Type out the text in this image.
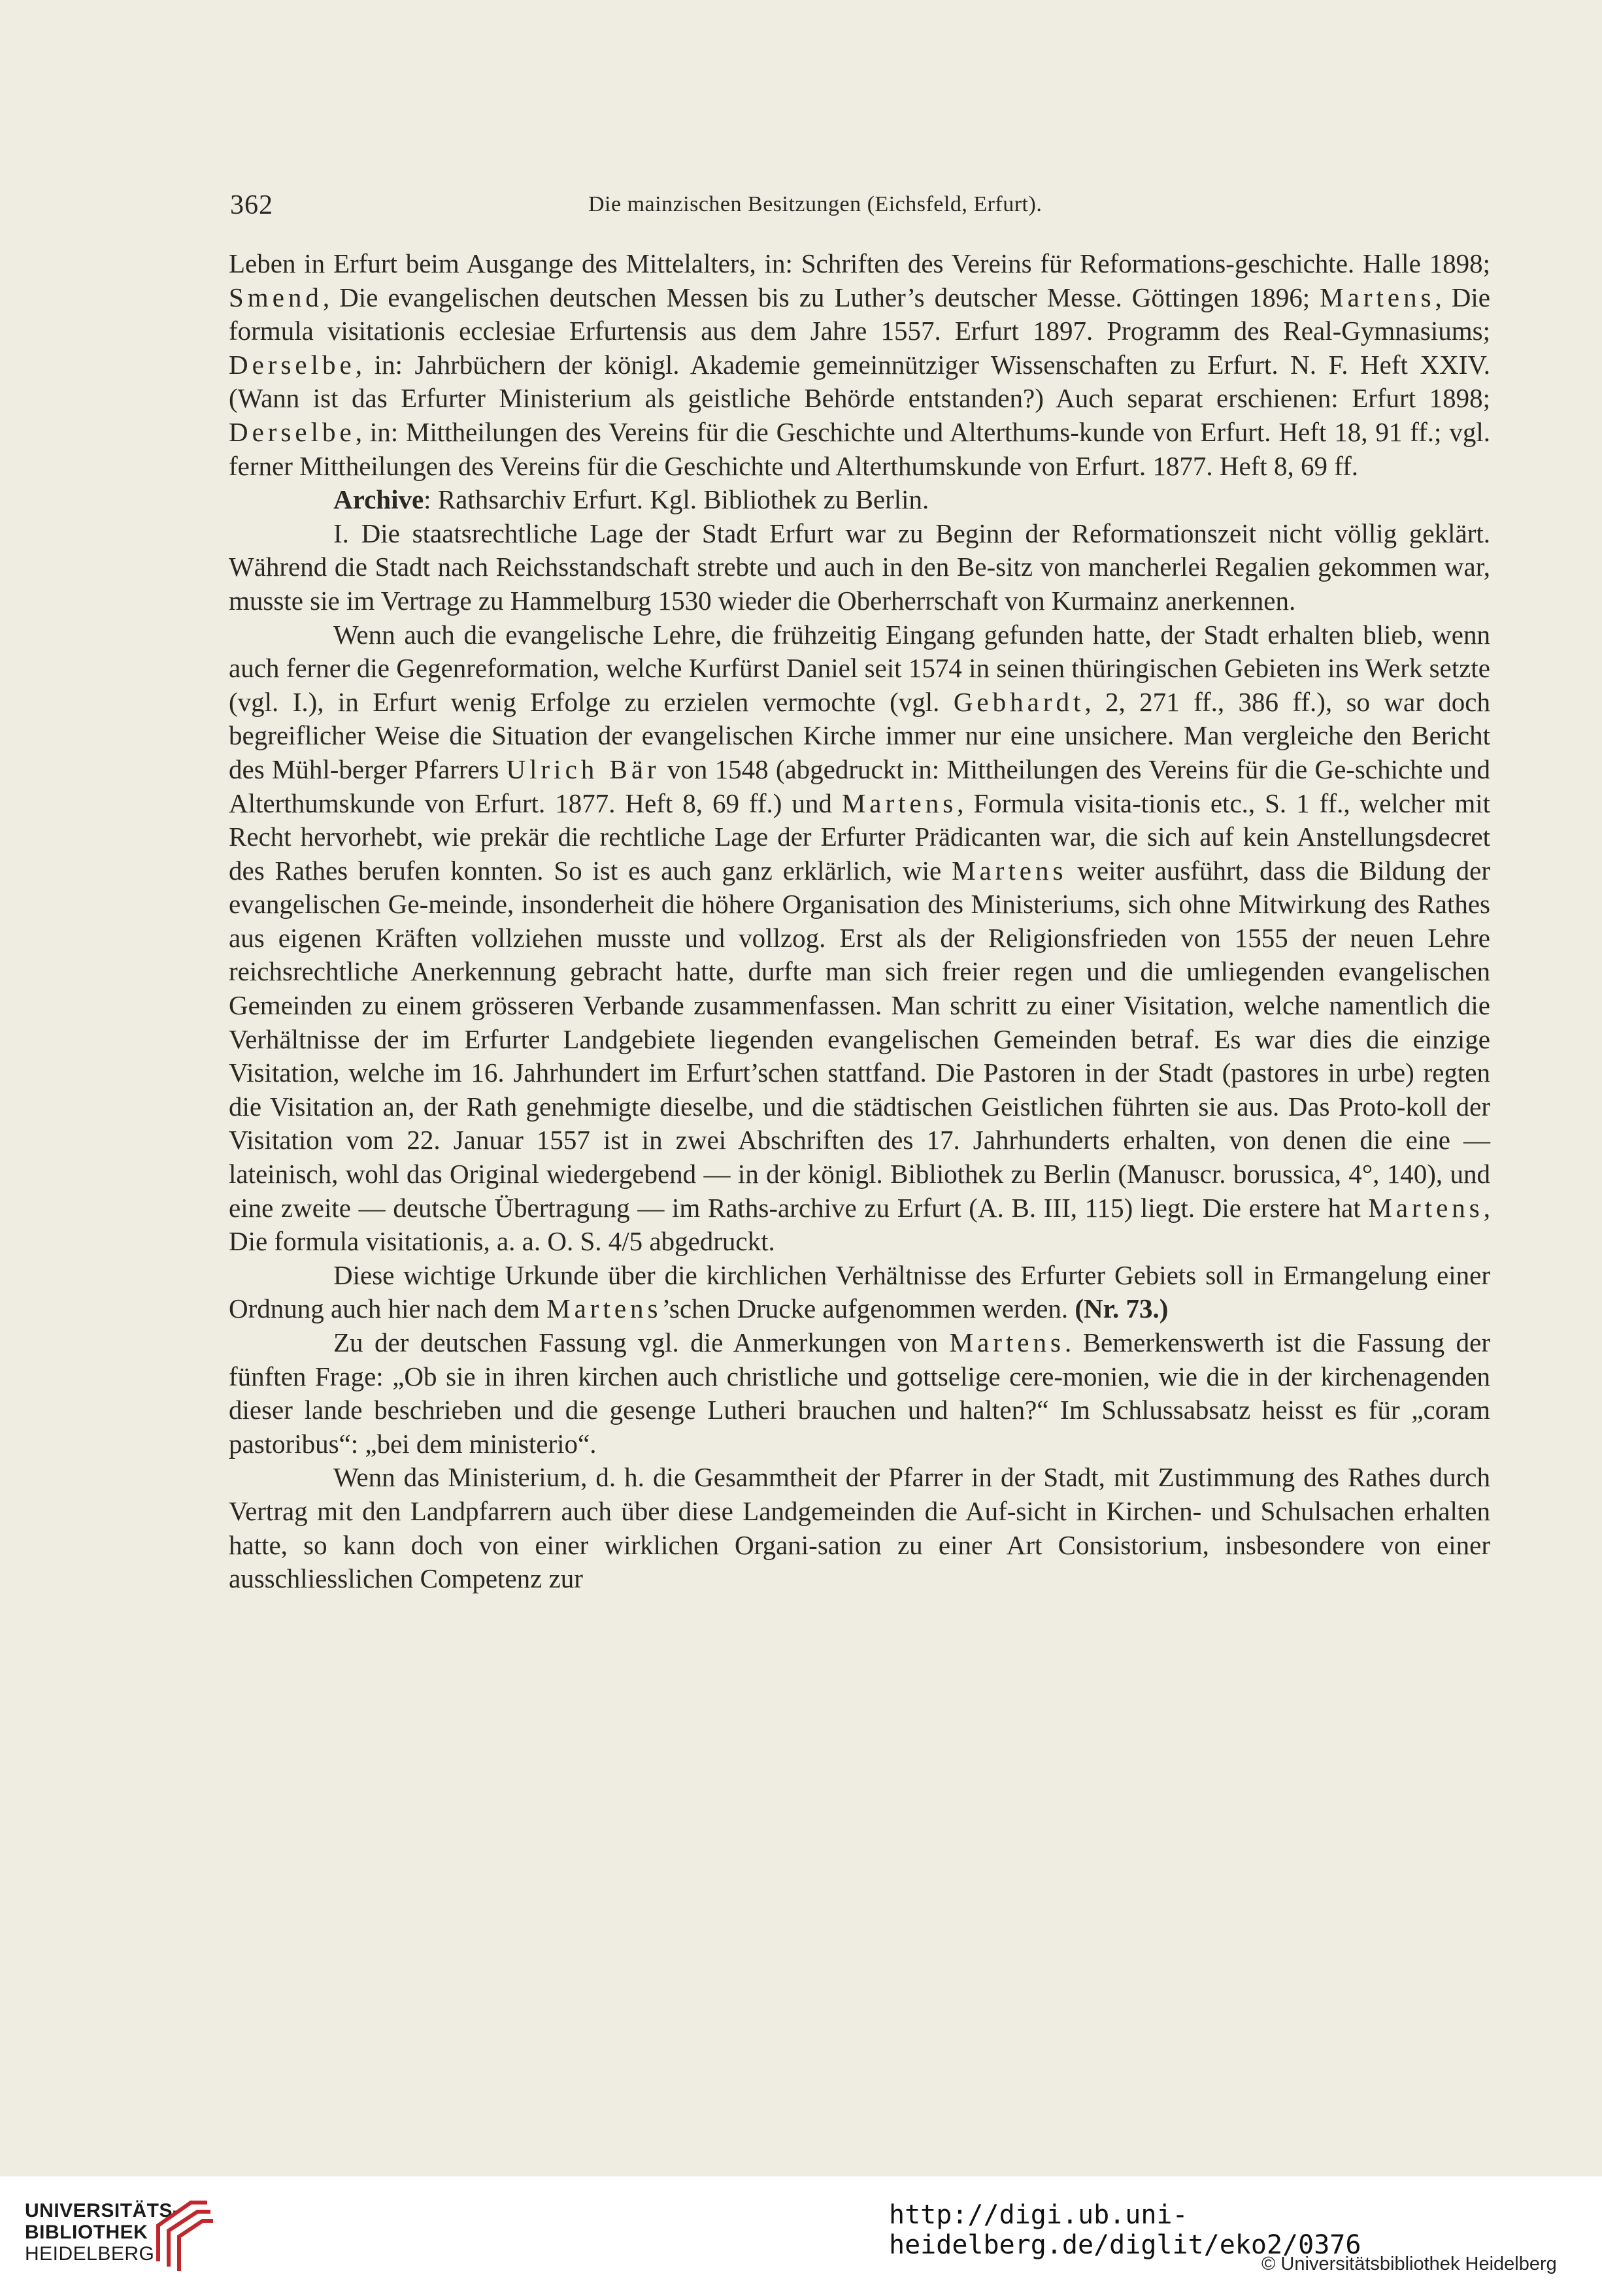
362	Die mainzischen Besitzungen (Eichsfeld, Erfurt).

Leben in Erfurt beim Ausgange des Mittelalters, in: Schriften des Vereins für Reformations-geschichte. Halle 1898; Smend, Die evangelischen deutschen Messen bis zu Luther’s deutscher Messe. Göttingen 1896; Martens, Die formula visitationis ecclesiae Erfurtensis aus dem Jahre 1557. Erfurt 1897. Programm des Real-Gymnasiums; Derselbe, in: Jahrbüchern der königl. Akademie gemeinnütziger Wissenschaften zu Erfurt. N. F. Heft XXIV. (Wann ist das Erfurter Ministerium als geistliche Behörde entstanden?) Auch separat erschienen: Erfurt 1898; Derselbe, in: Mittheilungen des Vereins für die Geschichte und Alterthums-kunde von Erfurt. Heft 18, 91 ff.; vgl. ferner Mittheilungen des Vereins für die Geschichte und Alterthumskunde von Erfurt. 1877. Heft 8, 69 ff.

Archive: Rathsarchiv Erfurt. Kgl. Bibliothek zu Berlin.

I. Die staatsrechtliche Lage der Stadt Erfurt war zu Beginn der Reformationszeit nicht völlig geklärt. Während die Stadt nach Reichsstandschaft strebte und auch in den Be-sitz von mancherlei Regalien gekommen war, musste sie im Vertrage zu Hammelburg 1530 wieder die Oberherrschaft von Kurmainz anerkennen.

Wenn auch die evangelische Lehre, die frühzeitig Eingang gefunden hatte, der Stadt erhalten blieb, wenn auch ferner die Gegenreformation, welche Kurfürst Daniel seit 1574 in seinen thüringischen Gebieten ins Werk setzte (vgl. I.), in Erfurt wenig Erfolge zu erzielen vermochte (vgl. Gebhardt, 2, 271 ff., 386 ff.), so war doch begreiflicher Weise die Situation der evangelischen Kirche immer nur eine unsichere. Man vergleiche den Bericht des Mühl-berger Pfarrers Ulrich Bär von 1548 (abgedruckt in: Mittheilungen des Vereins für die Ge-schichte und Alterthumskunde von Erfurt. 1877. Heft 8, 69 ff.) und Martens, Formula visita-tionis etc., S. 1 ff., welcher mit Recht hervorhebt, wie prekär die rechtliche Lage der Erfurter Prädicanten war, die sich auf kein Anstellungsdecret des Rathes berufen konnten. So ist es auch ganz erklärlich, wie Martens weiter ausführt, dass die Bildung der evangelischen Ge-meinde, insonderheit die höhere Organisation des Ministeriums, sich ohne Mitwirkung des Rathes aus eigenen Kräften vollziehen musste und vollzog. Erst als der Religionsfrieden von 1555 der neuen Lehre reichsrechtliche Anerkennung gebracht hatte, durfte man sich freier regen und die umliegenden evangelischen Gemeinden zu einem grösseren Verbande zusammenfassen. Man schritt zu einer Visitation, welche namentlich die Verhältnisse der im Erfurter Landgebiete liegenden evangelischen Gemeinden betraf. Es war dies die einzige Visitation, welche im 16. Jahrhundert im Erfurt’schen stattfand. Die Pastoren in der Stadt (pastores in urbe) regten die Visitation an, der Rath genehmigte dieselbe, und die städtischen Geistlichen führten sie aus. Das Proto-koll der Visitation vom 22. Januar 1557 ist in zwei Abschriften des 17. Jahrhunderts erhalten, von denen die eine — lateinisch, wohl das Original wiedergebend — in der königl. Bibliothek zu Berlin (Manuscr. borussica, 4°, 140), und eine zweite — deutsche Übertragung — im Raths-archive zu Erfurt (A. B. III, 115) liegt. Die erstere hat Martens, Die formula visitationis, a. a. O. S. 4/5 abgedruckt.

Diese wichtige Urkunde über die kirchlichen Verhältnisse des Erfurter Gebiets soll in Ermangelung einer Ordnung auch hier nach dem Martens’schen Drucke aufgenommen werden. (Nr. 73.)

Zu der deutschen Fassung vgl. die Anmerkungen von Martens. Bemerkenswerth ist die Fassung der fünften Frage: „Ob sie in ihren kirchen auch christliche und gottselige cere-monien, wie die in der kirchenagenden dieser lande beschrieben und die gesenge Lutheri brauchen und halten?“ Im Schlussabsatz heisst es für „coram pastoribus“: „bei dem ministerio“.

Wenn das Ministerium, d. h. die Gesammtheit der Pfarrer in der Stadt, mit Zustimmung des Rathes durch Vertrag mit den Landpfarrern auch über diese Landgemeinden die Auf-sicht in Kirchen- und Schulsachen erhalten hatte, so kann doch von einer wirklichen Organi-sation zu einer Art Consistorium, insbesondere von einer ausschliesslichen Competenz zur

UNIVERSITÄTS-
BIBLIOTHEK
HEIDELBERG
http://digi.ub.uni-heidelberg.de/diglit/eko2/0376
© Universitätsbibliothek Heidelberg
